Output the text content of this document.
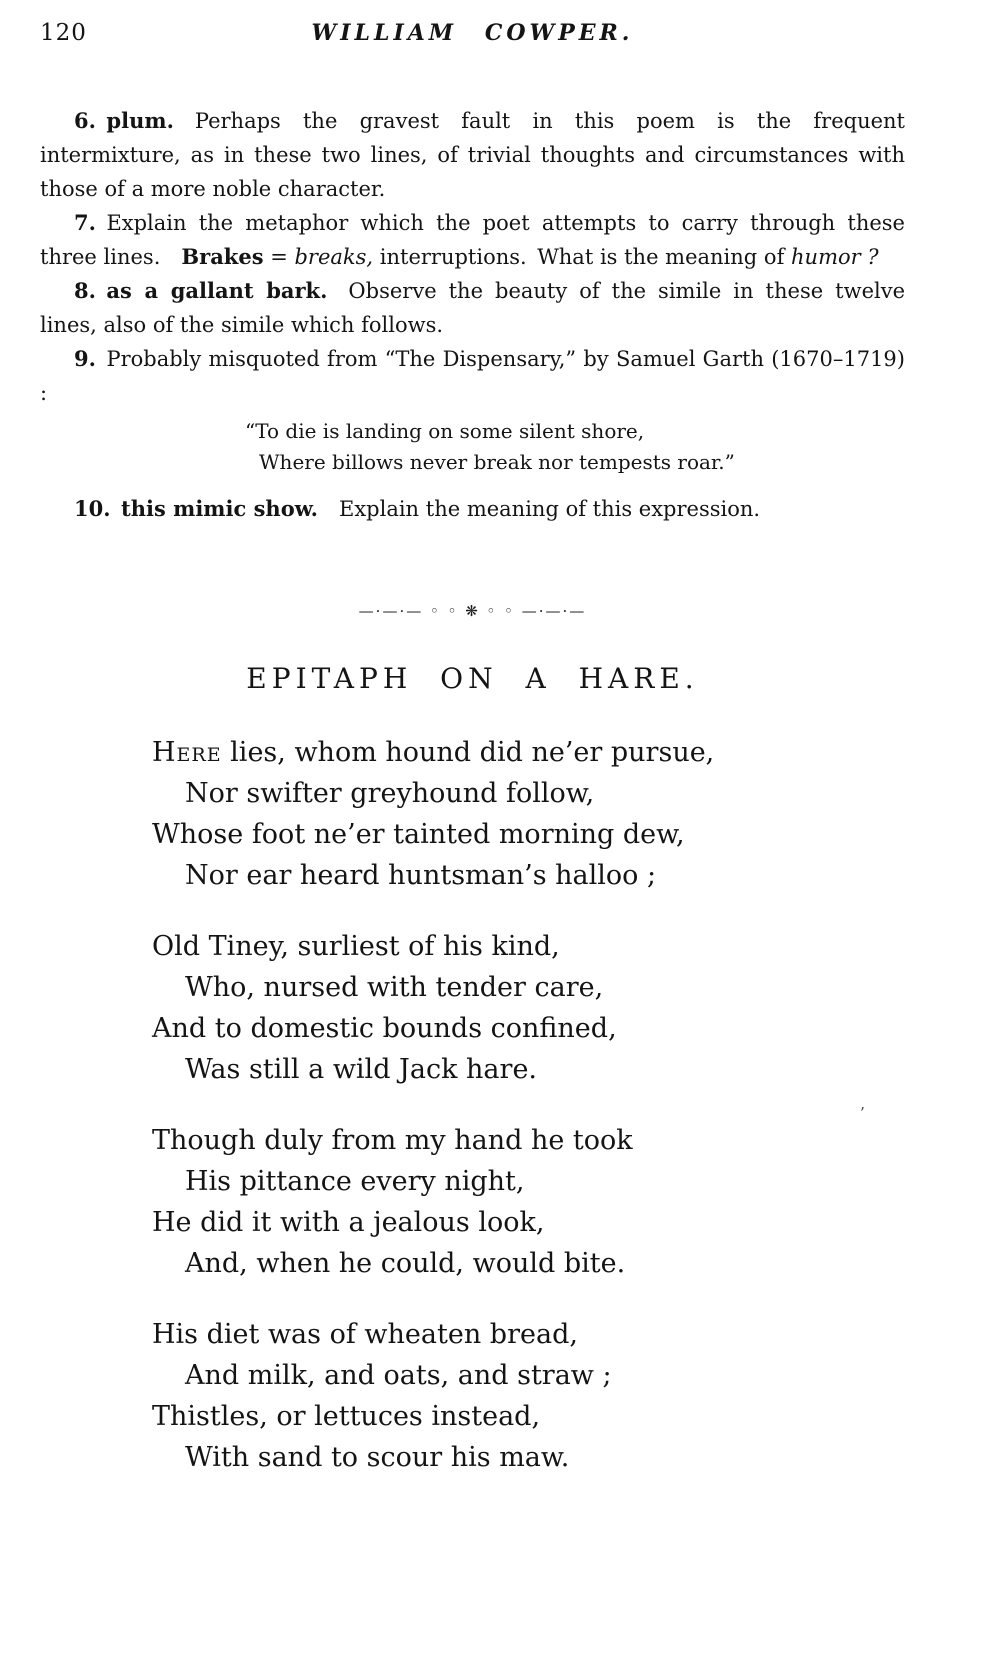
120	WILLIAM COWPER.

6. plum. Perhaps the gravest fault in this poem is the frequent intermixture, as in these two lines, of trivial thoughts and circumstances with those of a more noble character.

7. Explain the metaphor which the poet attempts to carry through these three lines. Brakes = breaks, interruptions. What is the meaning of humor ?

8. as a gallant bark. Observe the beauty of the simile in these twelve lines, also of the simile which follows.

9. Probably misquoted from “The Dispensary,” by Samuel Garth (1670–1719) :

“To die is landing on some silent shore,
Where billows never break nor tempests roar.”

10. this mimic show. Explain the meaning of this expression.

—·—·— ◦ ◦ ❋ ◦ ◦ —·—·—
EPITAPH ON A HARE.
Here lies, whom hound did ne’er pursue,
Nor swifter greyhound follow,
Whose foot ne’er tainted morning dew,
Nor ear heard huntsman’s halloo ;
Old Tiney, surliest of his kind,
Who, nursed with tender care,
And to domestic bounds confined,
Was still a wild Jack hare.
Though duly from my hand he took
His pittance every night,
He did it with a jealous look,
And, when he could, would bite.
His diet was of wheaten bread,
And milk, and oats, and straw ;
Thistles, or lettuces instead,
With sand to scour his maw.
’
